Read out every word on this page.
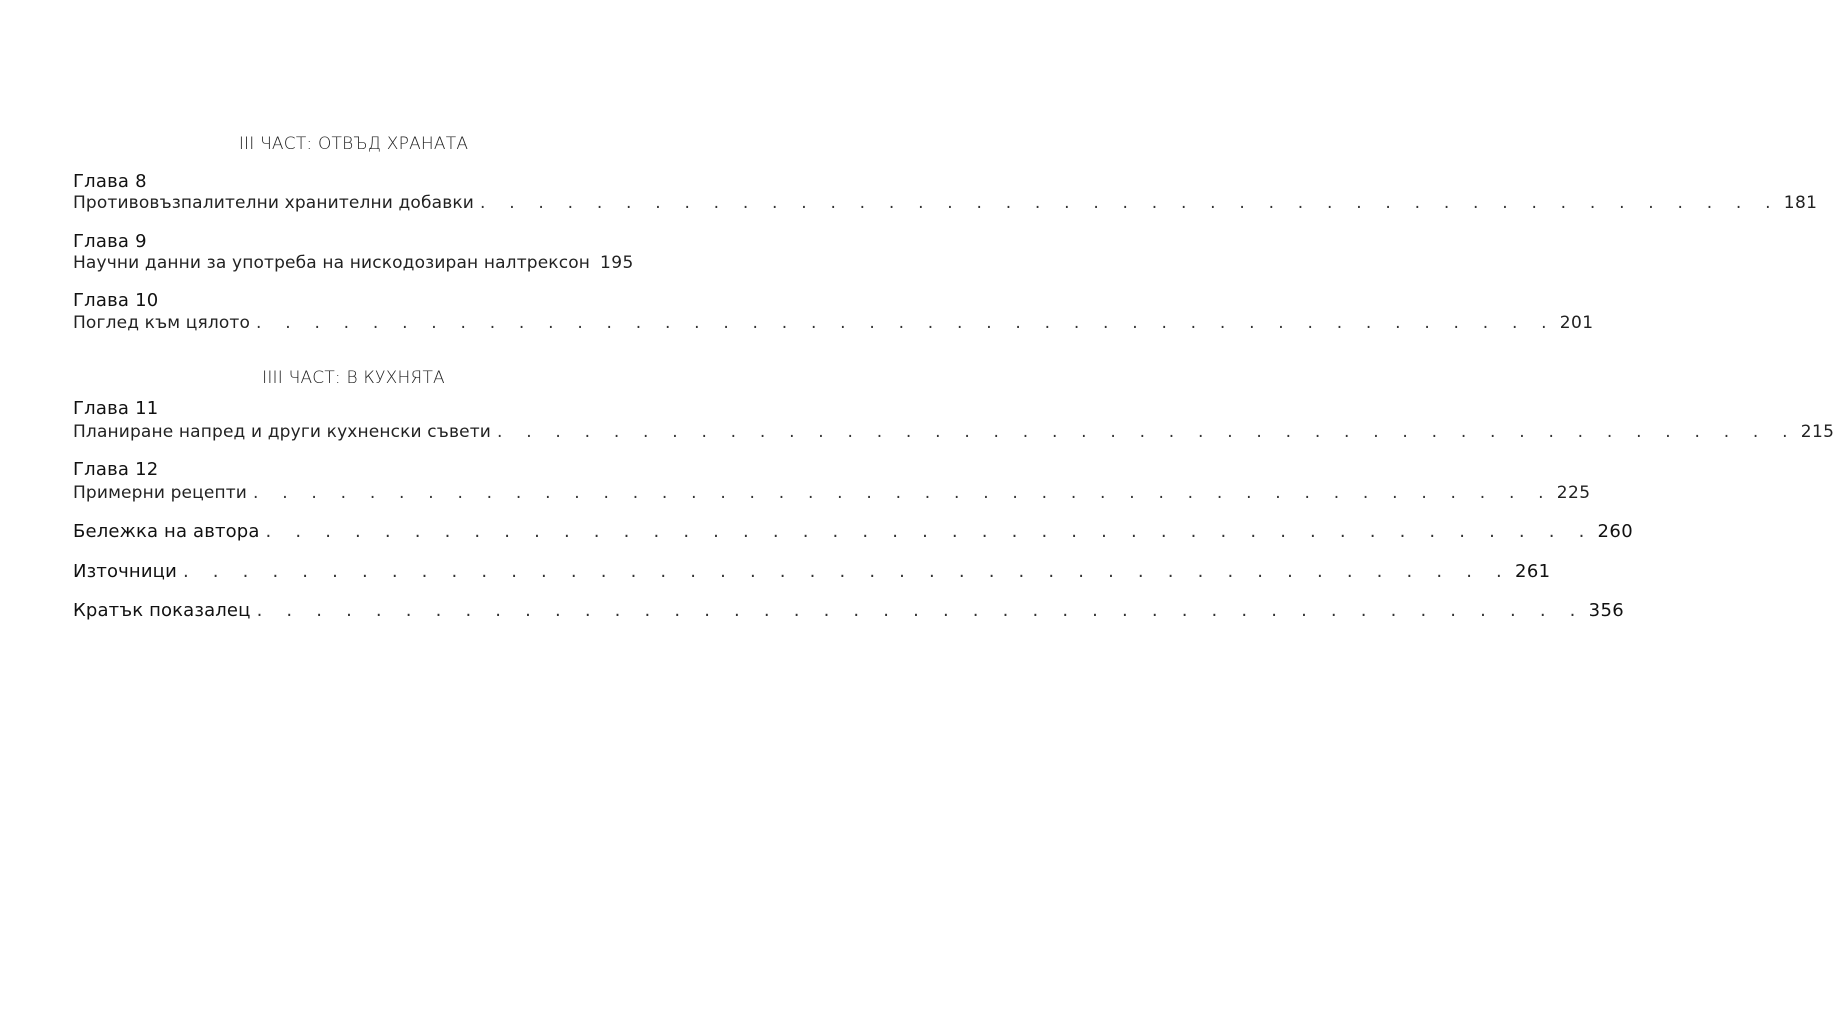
III ЧАСТ: ОТВЪД ХРАНАТА
Глава 8
Противовъзпалителни хранителни добавки . . . . . . . . . . . . . . . . . . . . . . . . . . . . . . . . . . . . . . . . . . . . . 181
Глава 9
Научни данни за употреба на нискодозиран налтрексон 195
Глава 10
Поглед към цялото . . . . . . . . . . . . . . . . . . . . . . . . . . . . . . . . . . . . . . . . . . . . . 201
IIII ЧАСТ: В КУХНЯТА
Глава 11
Планиране напред и други кухненски съвети . . . . . . . . . . . . . . . . . . . . . . . . . . . . . . . . . . . . . . . . . . . . . 215
Глава 12
Примерни рецепти . . . . . . . . . . . . . . . . . . . . . . . . . . . . . . . . . . . . . . . . . . . . . 225
Бележка на автора . . . . . . . . . . . . . . . . . . . . . . . . . . . . . . . . . . . . . . . . . . . . . 260
Източници . . . . . . . . . . . . . . . . . . . . . . . . . . . . . . . . . . . . . . . . . . . . . 261
Кратък показалец . . . . . . . . . . . . . . . . . . . . . . . . . . . . . . . . . . . . . . . . . . . . . 356
